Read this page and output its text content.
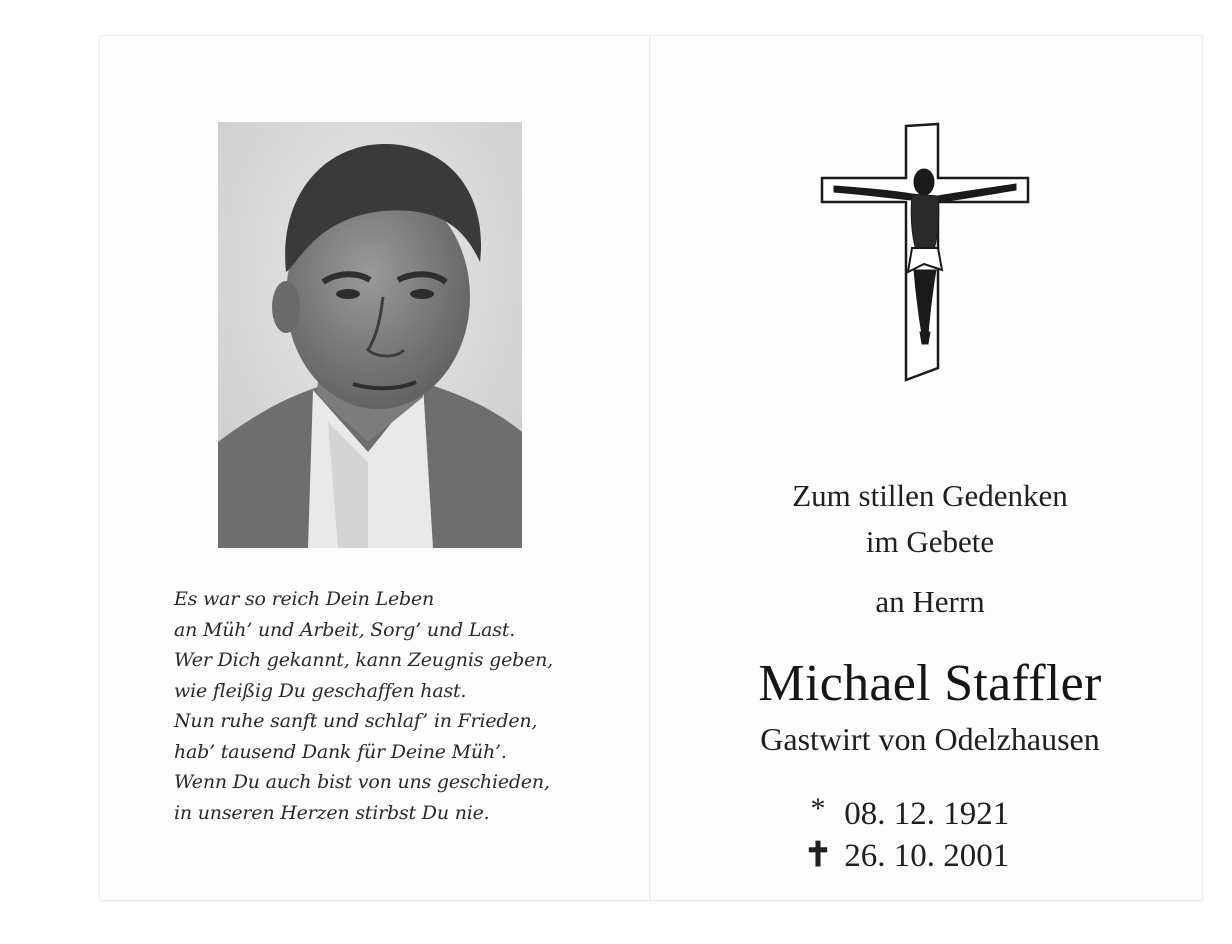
Es war so reich Dein Leben
an Müh’ und Arbeit, Sorg’ und Last.
Wer Dich gekannt, kann Zeugnis geben,
wie fleißig Du geschaffen hast.
Nun ruhe sanft und schlaf’ in Frieden,
hab’ tausend Dank für Deine Müh’.
Wenn Du auch bist von uns geschieden,
in unseren Herzen stirbst Du nie.
Zum stillen Gedenken
im Gebete
an Herrn
Michael Staffler
Gastwirt von Odelzhausen
* 08. 12. 1921
✝ 26. 10. 2001
